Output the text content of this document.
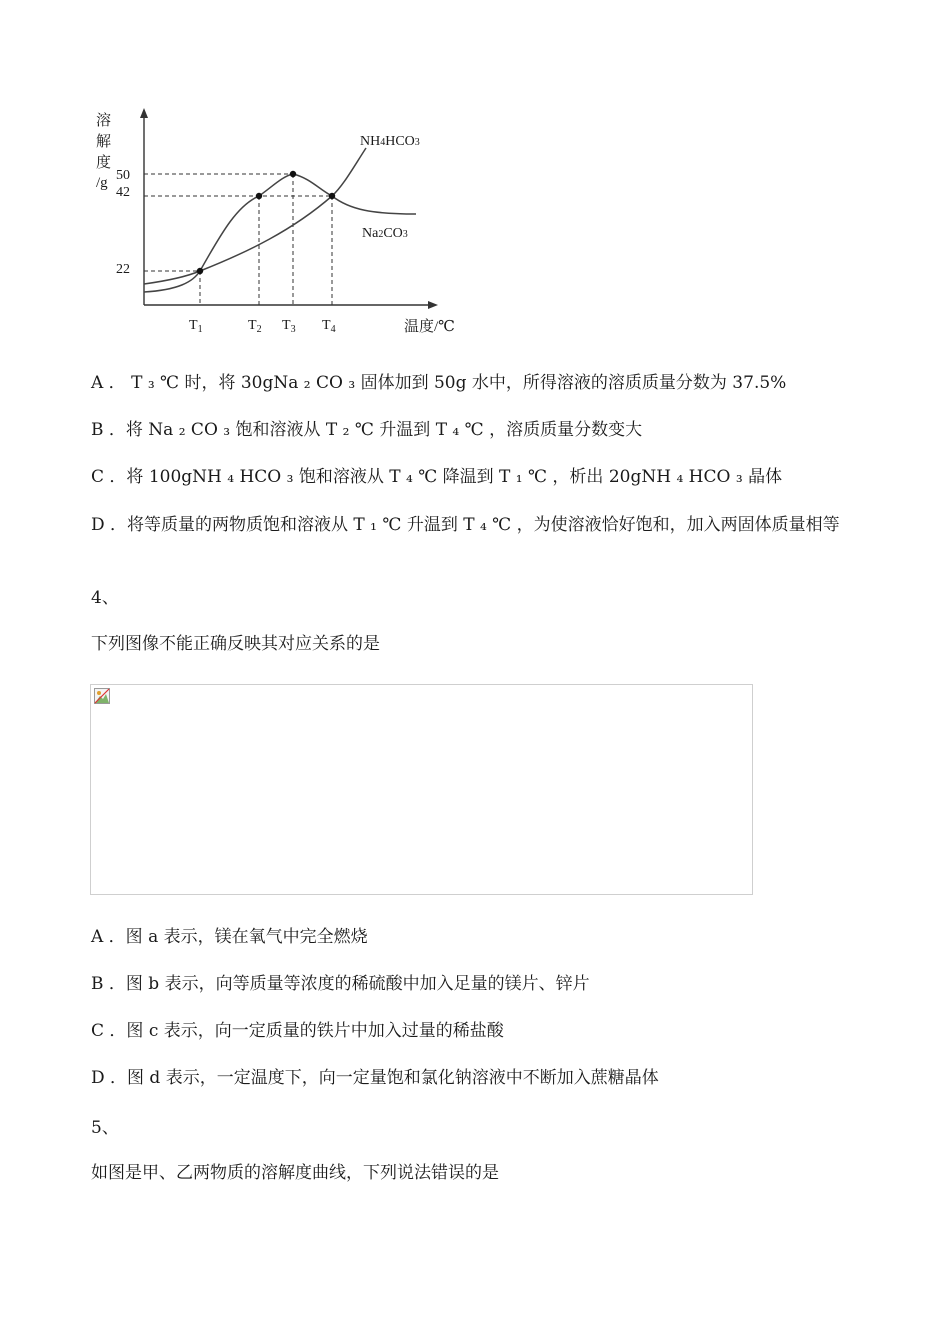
溶
解
度
/g 50
42
22
NH4HCO3
Na2CO3
$T_1$	$T_2$ $T_3$ $T_4$	温度/℃
A ． T ₃ ℃ 时，将 30gNa ₂ CO ₃ 固体加到 50g 水中，所得溶液的溶质质量分数为 37.5%
B ．将 Na ₂ CO ₃ 饱和溶液从 T ₂ ℃ 升温到 T ₄ ℃ ，溶质质量分数变大
C ．将 100gNH ₄ HCO ₃ 饱和溶液从 T ₄ ℃ 降温到 T ₁ ℃ ，析出 20gNH ₄ HCO ₃ 晶体
D ．将等质量的两物质饱和溶液从 T ₁ ℃ 升温到 T ₄ ℃ ，为使溶液恰好饱和，加入两固体质量相等
4、
下列图像不能正确反映其对应关系的是
A ．图 a 表示，镁在氧气中完全燃烧
B ．图 b 表示，向等质量等浓度的稀硫酸中加入足量的镁片、锌片
C ．图 c 表示，向一定质量的铁片中加入过量的稀盐酸
D ．图 d 表示，一定温度下，向一定量饱和氯化钠溶液中不断加入蔗糖晶体
5、
如图是甲、乙两物质的溶解度曲线，下列说法错误的是
